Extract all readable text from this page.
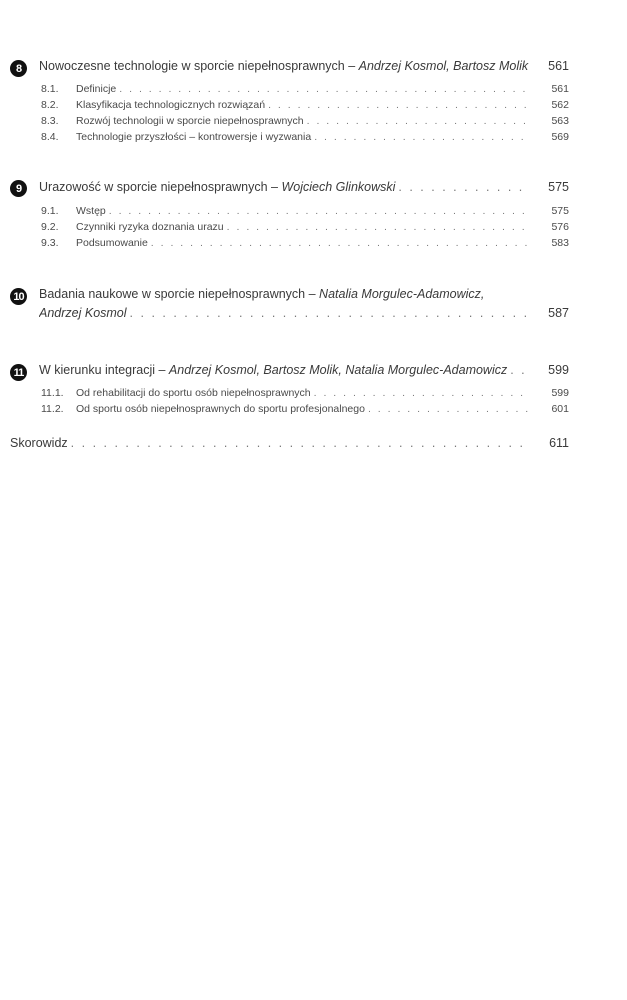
8	Nowoczesne technologie w sporcie niepełnosprawnych – Andrzej Kosmol, Bartosz Molik	561
8.1.	Definicje . . .	561
8.2.	Klasyfikacja technologicznych rozwiązań . . .	562
8.3.	Rozwój technologii w sporcie niepełnosprawnych . . .	563
8.4.	Technologie przyszłości – kontrowersje i wyzwania . . .	569
9	Urazowość w sporcie niepełnosprawnych – Wojciech Glinkowski . . .	575
9.1.	Wstęp . . .	575
9.2.	Czynniki ryzyka doznania urazu . . .	576
9.3.	Podsumowanie . . .	583
10 Badania naukowe w sporcie niepełnosprawnych – Natalia Morgulec-Adamowicz,
Andrzej Kosmol . . .	587
11 W kierunku integracji – Andrzej Kosmol, Bartosz Molik, Natalia Morgulec-Adamowicz . . .	599
11.1.	Od rehabilitacji do sportu osób niepełnosprawnych . . .	599
11.2.	Od sportu osób niepełnosprawnych do sportu profesjonalnego . . .	601
Skorowidz . . .	611
